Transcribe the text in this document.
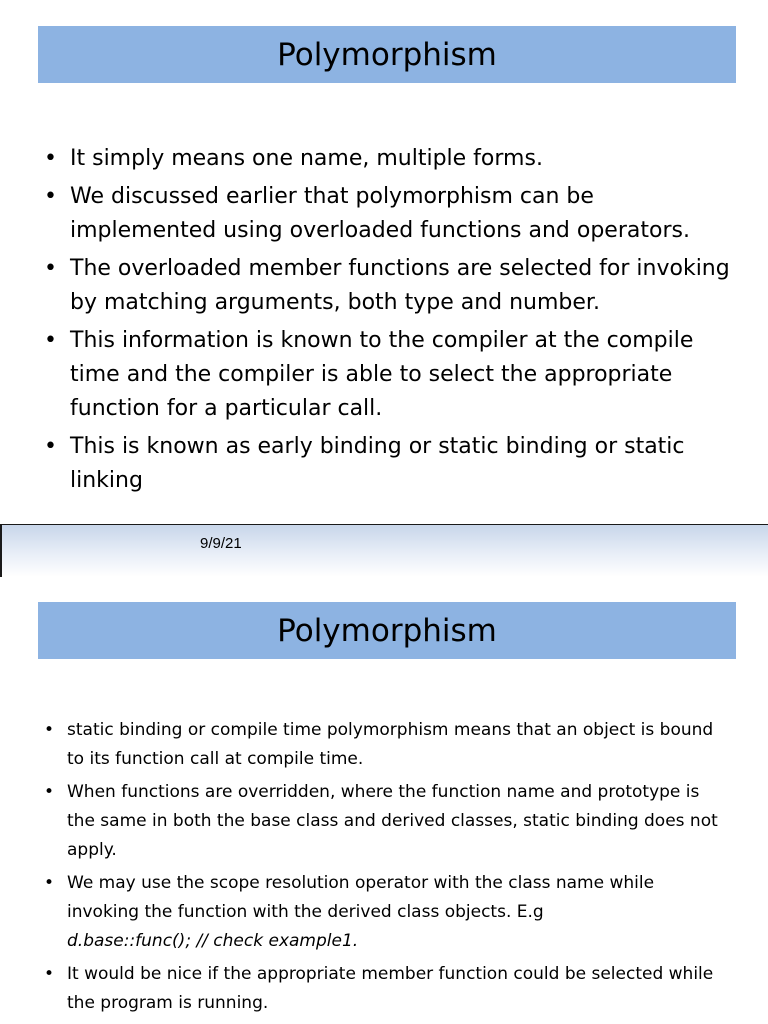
Polymorphism
• It simply means one name, multiple forms.
• We discussed earlier that polymorphism can be implemented using overloaded functions and operators.
• The overloaded member functions are selected for invoking by matching arguments, both type and number.
• This information is known to the compiler at the compile time and the compiler is able to select the appropriate function for a particular call.
• This is known as early binding or static binding or static linking
9/9/21
Polymorphism
• static binding or compile time polymorphism means that an object is bound to its function call at compile time.
• When functions are overridden, where the function name and prototype is the same in both the base class and derived classes, static binding does not apply.
• We may use the scope resolution operator with the class name while invoking the function with the derived class objects. E.g
d.base::func(); // check example1.
• It would be nice if the appropriate member function could be selected while the program is running.
